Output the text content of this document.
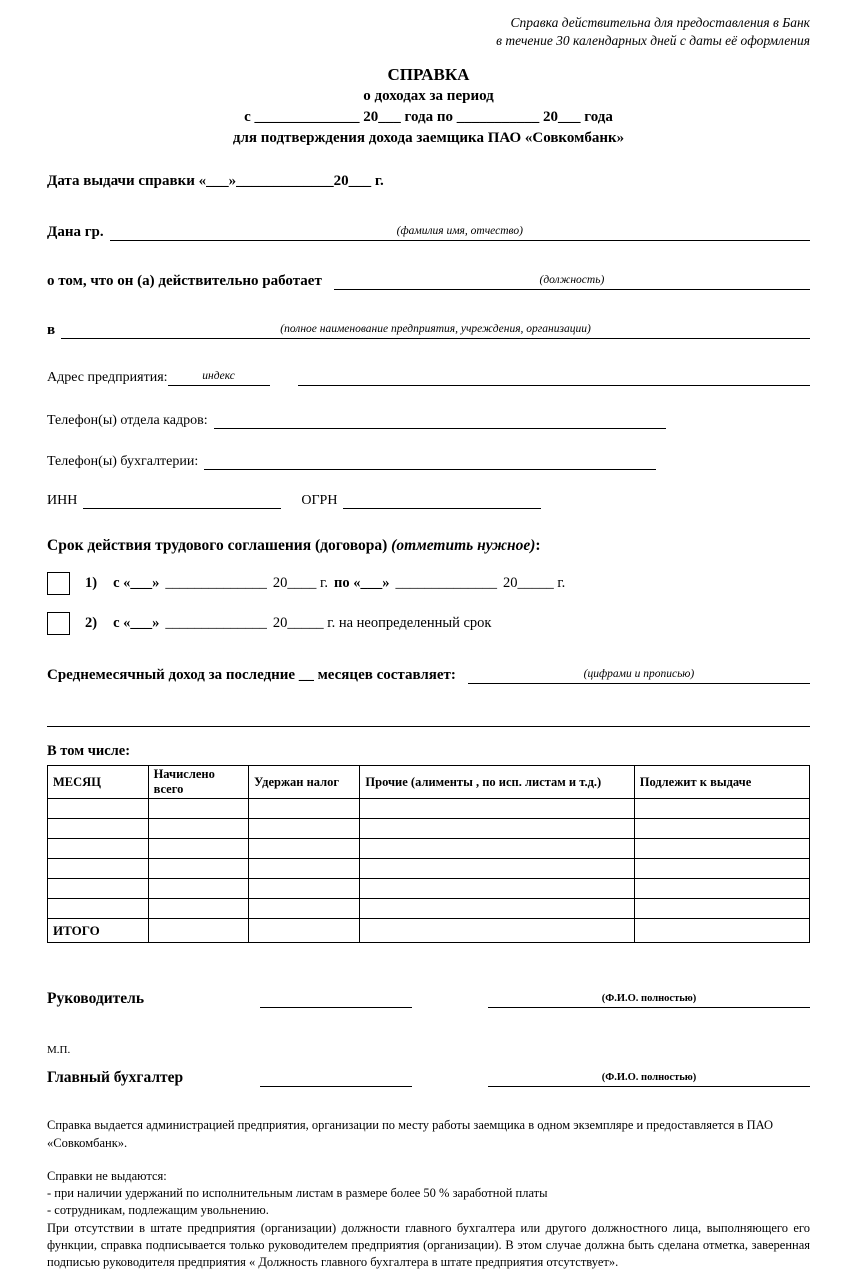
Справка действительна для предоставления в Банк
в течение 30 календарных дней с даты её оформления
СПРАВКА
о доходах за период
с ______________ 20___ года по ___________ 20___ года
для подтверждения дохода заемщика ПАО «Совкомбанк»
Дата выдачи справки «___»_____________20___ г.
Дана гр.	(фамилия имя, отчество)
о том, что он (а) действительно работает	(должность)
в	(полное наименование предприятия, учреждения, организации)
Адрес предприятия:	индекс
Телефон(ы) отдела кадров:
Телефон(ы) бухгалтерии:
ИНН	ОГРН
Срок действия трудового соглашения (договора) (отметить нужное):
1) с «___» ______________ 20____ г. по «___» ______________ 20_____ г.
2) с «___» ______________ 20_____ г. на неопределенный срок
Среднемесячный доход за последние __ месяцев составляет :	(цифрами и прописью)
В том числе:
МЕСЯЦ	Начислено всего	Удержан налог	Прочие (алименты , по исп. листам и т.д.)	Подлежит к выдаче

ИТОГО				
Руководитель	(Ф.И.О. полностью)
М.П.
Главный бухгалтер	(Ф.И.О. полностью)
Справка выдается администрацией предприятия, организации по месту работы заемщика в одном экземпляре и предоставляется в ПАО «Совкомбанк».
Справки не выдаются:
- при наличии удержаний по исполнительным листам в размере более 50 % заработной платы
- сотрудникам, подлежащим увольнению.
При отсутствии в штате предприятия (организации) должности главного бухгалтера или другого должностного лица, выполняющего его функции, справка подписывается только руководителем предприятия (организации). В этом случае должна быть сделана отметка, заверенная подписью руководителя предприятия « Должность главного бухгалтера в штате предприятия отсутствует».
